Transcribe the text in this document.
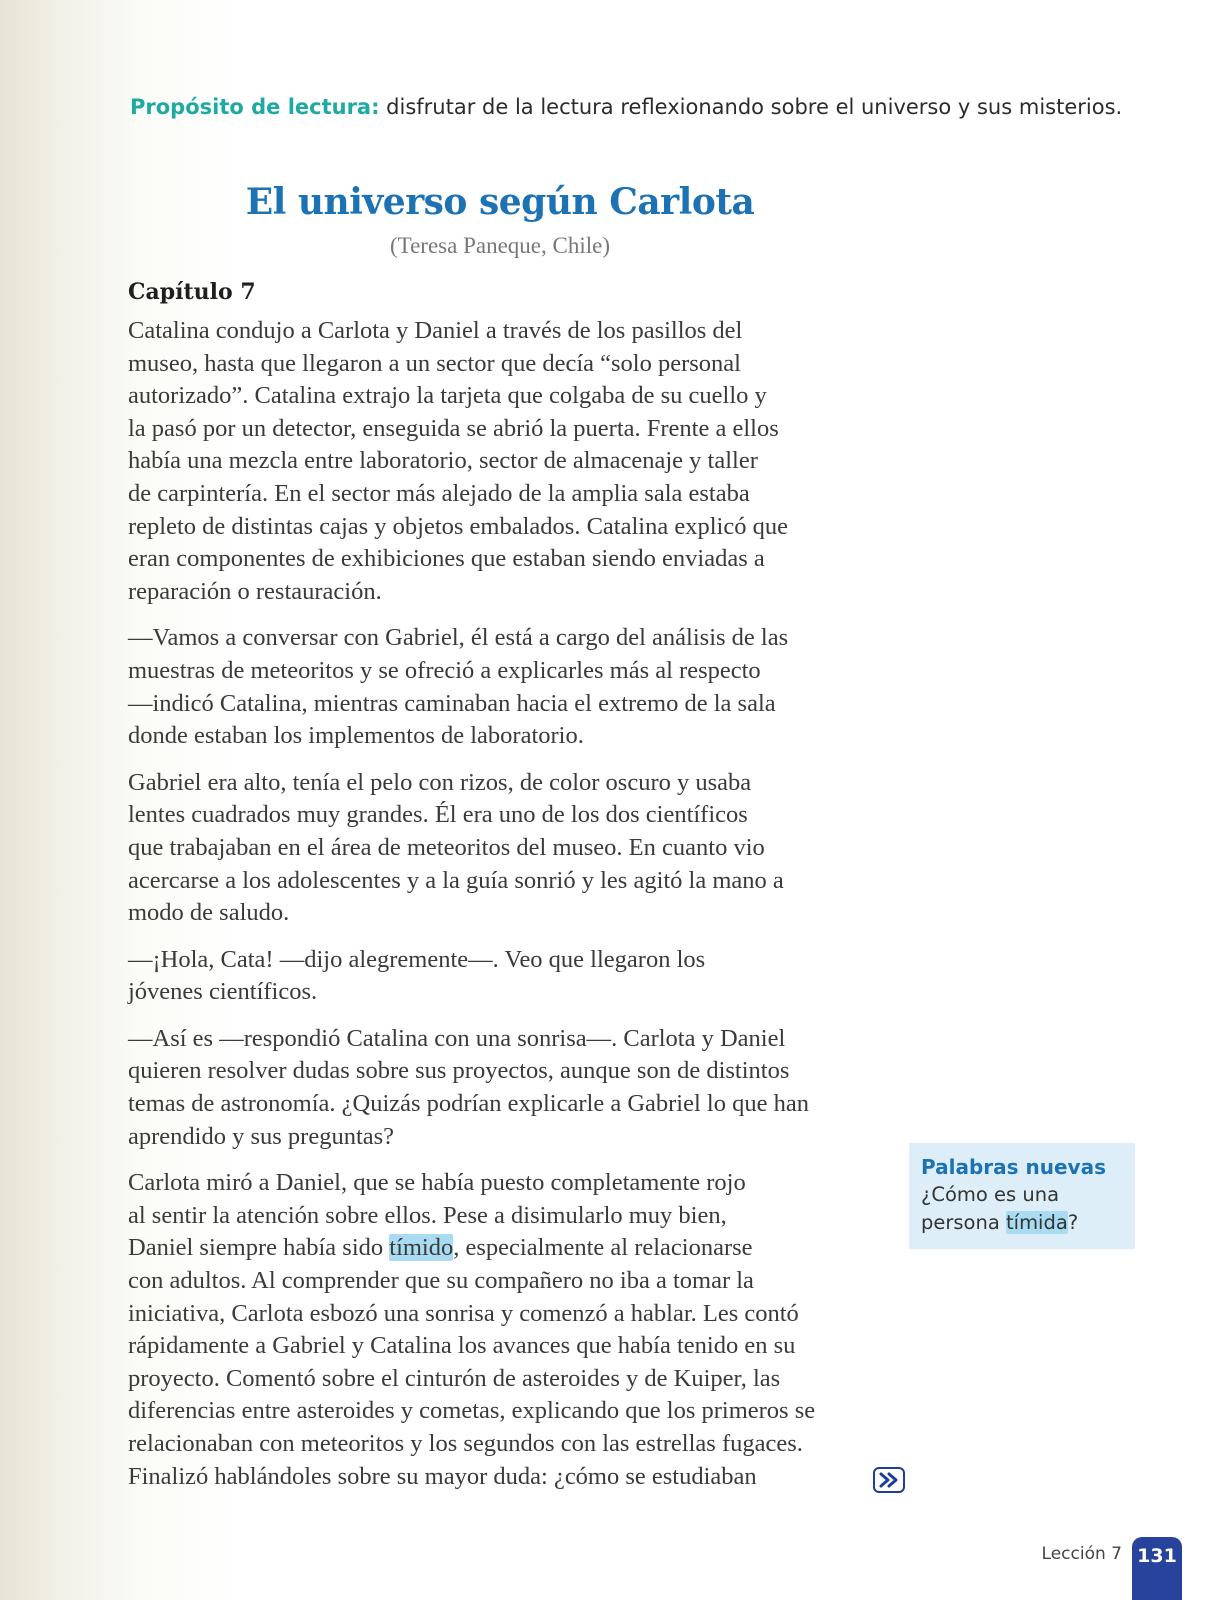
Propósito de lectura: disfrutar de la lectura reflexionando sobre el universo y sus misterios.
El universo según Carlota
(Teresa Paneque, Chile)
Capítulo 7

Catalina condujo a Carlota y Daniel a través de los pasillos del
museo, hasta que llegaron a un sector que decía “solo personal
autorizado”. Catalina extrajo la tarjeta que colgaba de su cuello y
la pasó por un detector, enseguida se abrió la puerta. Frente a ellos
había una mezcla entre laboratorio, sector de almacenaje y taller
de carpintería. En el sector más alejado de la amplia sala estaba
repleto de distintas cajas y objetos embalados. Catalina explicó que
eran componentes de exhibiciones que estaban siendo enviadas a
reparación o restauración.

—Vamos a conversar con Gabriel, él está a cargo del análisis de las
muestras de meteoritos y se ofreció a explicarles más al respecto
—indicó Catalina, mientras caminaban hacia el extremo de la sala
donde estaban los implementos de laboratorio.

Gabriel era alto, tenía el pelo con rizos, de color oscuro y usaba
lentes cuadrados muy grandes. Él era uno de los dos científicos
que trabajaban en el área de meteoritos del museo. En cuanto vio
acercarse a los adolescentes y a la guía sonrió y les agitó la mano a
modo de saludo.

—¡Hola, Cata! —dijo alegremente—. Veo que llegaron los
jóvenes científicos.

—Así es —respondió Catalina con una sonrisa—. Carlota y Daniel
quieren resolver dudas sobre sus proyectos, aunque son de distintos
temas de astronomía. ¿Quizás podrían explicarle a Gabriel lo que han
aprendido y sus preguntas?

Carlota miró a Daniel, que se había puesto completamente rojo
al sentir la atención sobre ellos. Pese a disimularlo muy bien,
Daniel siempre había sido tímido, especialmente al relacionarse
con adultos. Al comprender que su compañero no iba a tomar la
iniciativa, Carlota esbozó una sonrisa y comenzó a hablar. Les contó
rápidamente a Gabriel y Catalina los avances que había tenido en su
proyecto. Comentó sobre el cinturón de asteroides y de Kuiper, las
diferencias entre asteroides y cometas, explicando que los primeros se
relacionaban con meteoritos y los segundos con las estrellas fugaces.
Finalizó hablándoles sobre su mayor duda: ¿cómo se estudiaban

Palabras nuevas
¿Cómo es una
persona tímida?
Lección 7 131
